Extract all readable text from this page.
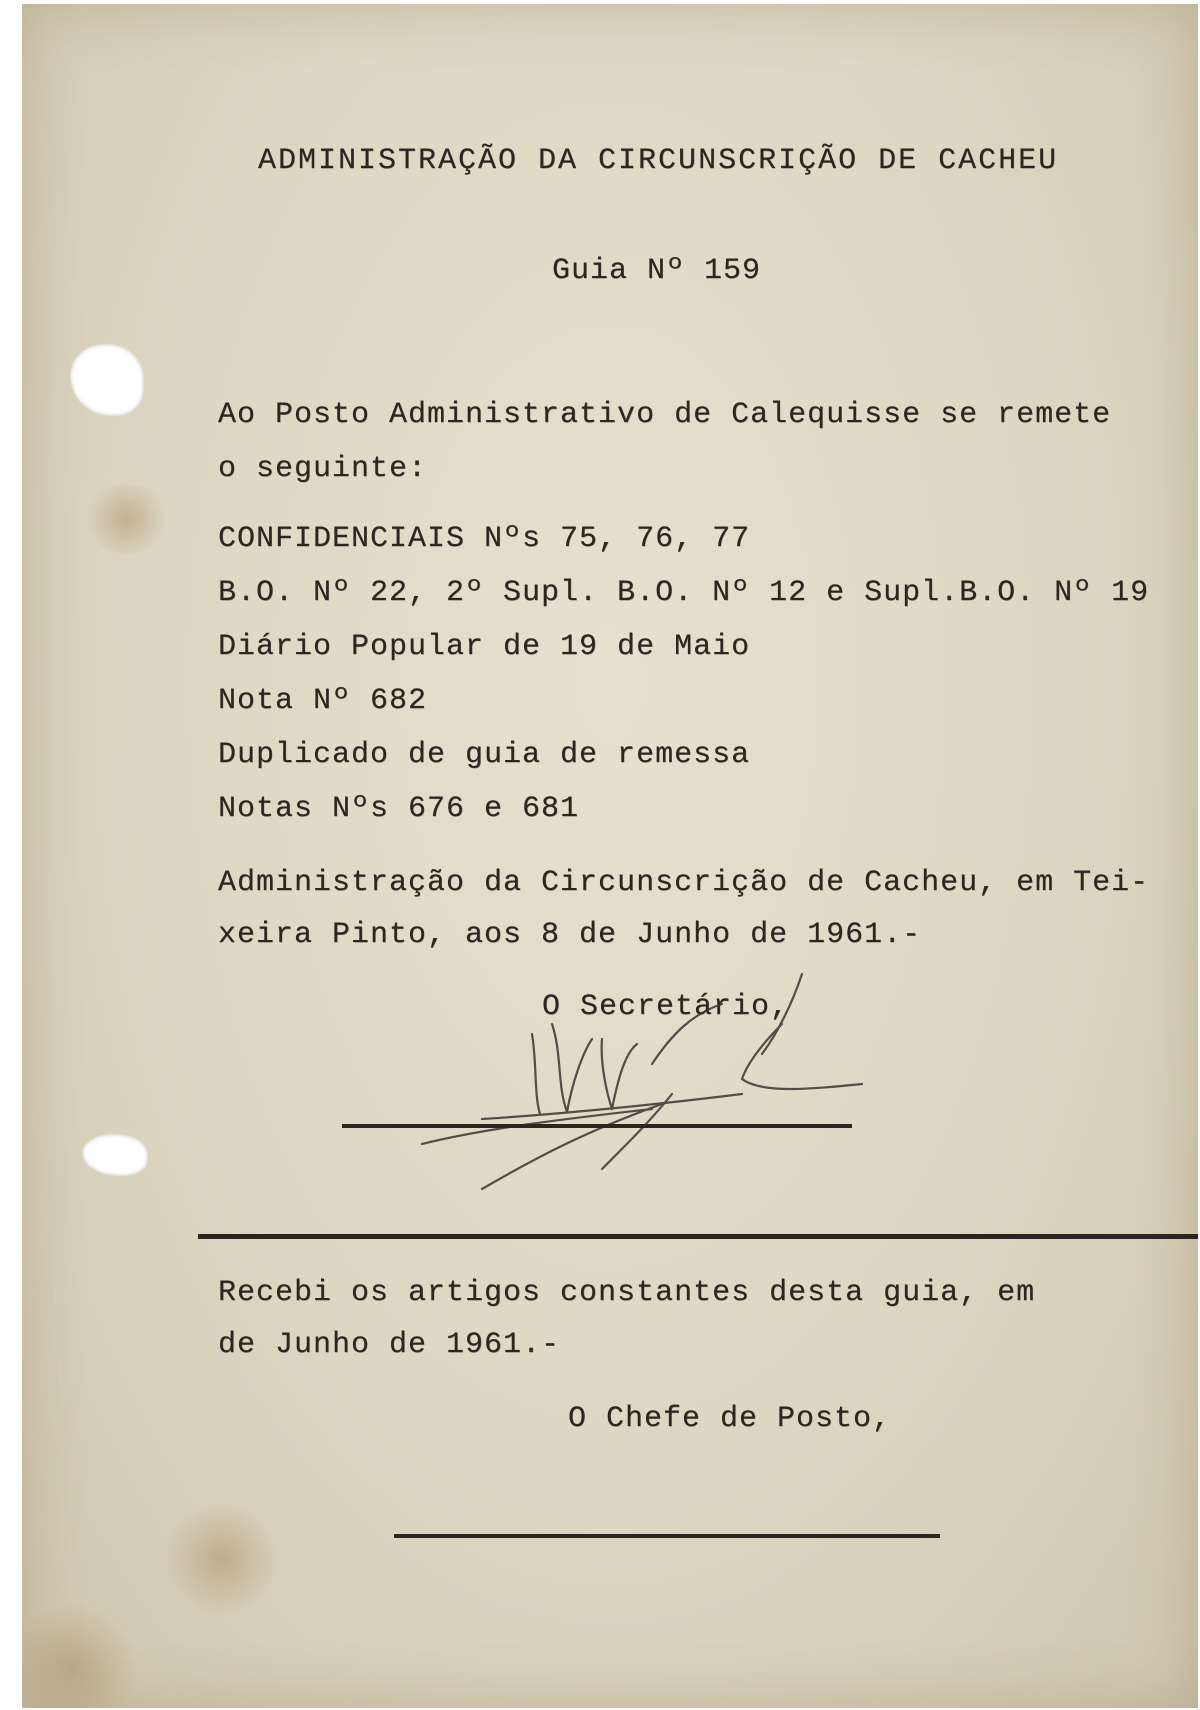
ADMINISTRAÇÃO DA CIRCUNSCRIÇÃO DE CACHEU
Guia Nº 159
Ao Posto Administrativo de Calequisse se remete
o seguinte:
CONFIDENCIAIS Nºs 75, 76, 77
B.O. Nº 22, 2º Supl. B.O. Nº 12 e Supl.B.O. Nº 19
Diário Popular de 19 de Maio
Nota Nº 682
Duplicado de guia de remessa
Notas Nºs 676 e 681
Administração da Circunscrição de Cacheu, em Tei-
xeira Pinto, aos 8 de Junho de 1961.-
O Secretário,
Recebi os artigos constantes desta guia, em
de Junho de 1961.-
O Chefe de Posto,
